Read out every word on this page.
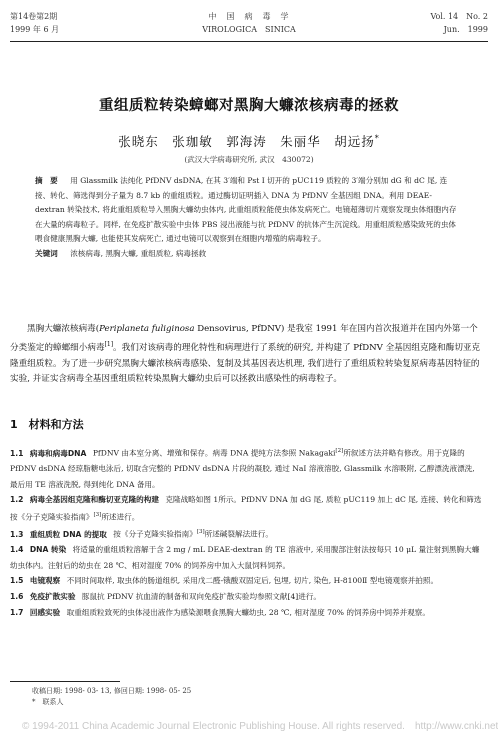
第14卷第2期
1999 年 6 月
中　国　病　毒　学
VIROLOGICA　SINICA
Vol. 14　No. 2
Jun.　1999
重组质粒转染蟑螂对黑胸大蠊浓核病毒的拯救
张晓东　张珈敏　郭海涛　朱丽华　胡远扬*
(武汉大学病毒研究所, 武汉　430072)

摘　要 　 用 Glassmilk 法纯化 PfDNV dsDNA, 在其 3′端和 Pst Ⅰ 切开的 pUC119 质粒的 3′端分别加 dG 和 dC 尾, 连接、转化、筛选得到分子量为 8.7 kb 的重组质粒。通过酶切证明插入 DNA 为 PfDNV 全基因组 DNA。利用 DEAE-dextran 转染技术, 将此重组质粒导入黑胸大蠊幼虫体内, 此重组质粒能使虫体发病死亡。电镜超薄切片观察发现虫体细胞内存在大量的病毒粒子。同样, 在免疫扩散实验中虫体 PBS 浸出液能与抗 PfDNV 的抗体产生沉淀线。用重组质粒感染致死的虫体喂食健康黑胸大蠊, 也能使其发病死亡, 通过电镜可以观察到在细胞内增殖的病毒粒子。

关键词 　 浓核病毒, 黑胸大蠊, 重组质粒, 病毒拯救

黑胸大蠊浓核病毒(Periplaneta fuliginosa Densovirus, PfDNV) 是我室 1991 年在国内首次报道并在国内外第一个分类鉴定的蟑螂细小病毒[1]。我们对该病毒的理化特性和病理进行了系统的研究, 并构建了 PfDNV 全基因组克隆和酶切亚克隆重组质粒。为了进一步研究黑胸大蠊浓核病毒感染、复制及其基因表达机理, 我们进行了重组质粒转染复原病毒基因特征的实验, 并证实含病毒全基因重组质粒转染黑胸大蠊幼虫后可以拯救出感染性的病毒粒子。

1　材料和方法

1.1 病毒和病毒DNA PfDNV 由本室分离、增殖和保存。病毒 DNA 提纯方法参照 Nakagaki[2]所叙述方法并略有修改。用于克隆的 PfDNV dsDNA 经琼脂糖电泳后, 切取含完整的 PfDNV dsDNA 片段的凝胶, 通过 NaI 溶液溶胶, Glassmilk 水溶吸附, 乙醇漂洗液漂洗, 最后用 TE 溶液洗脱, 得到纯化 DNA 备用。

1.2 病毒全基因组克隆和酶切亚克隆的构建 克隆战略如图 1所示。PfDNV DNA 加 dG 尾, 质粒 pUC119 加上 dC 尾, 连接、转化和筛选按《分子克隆实验指南》[3]所述进行。

1.3 重组质粒 DNA 的提取 按《分子克隆实验指南》[3]所述碱裂解法进行。

1.4 DNA 转染 将适量的重组质粒溶解于含 2 mg / mL DEAE-dextran 的 TE 溶液中, 采用腹部注射法按每只 10 μL 量注射到黑胸大蠊幼虫体内。注射后的幼虫在 28 ℃、相对湿度 70% 的饲养房中加入大鼠饲料饲养。

1.5 电镜观察 不同时间取样, 取虫体的肠道组织, 采用戊二醛-锇酸双固定后, 包埋, 切片, 染色, H-8100Ⅱ 型电镜观察并拍照。

1.6 免疫扩散实验 豚鼠抗 PfDNV 抗血清的制备和双向免疫扩散实验均参照文献[4]进行。

1.7 回感实验 取重组质粒致死的虫体浸出液作为感染源喂食黑胸大蠊幼虫, 28 ℃, 相对湿度 70% 的饲养房中饲养并观察。

收稿日期: 1998- 03- 13, 修回日期: 1998- 05- 25
*　联系人
© 1994-2011 China Academic Journal Electronic Publishing House. All rights reserved.　http://www.cnki.net
